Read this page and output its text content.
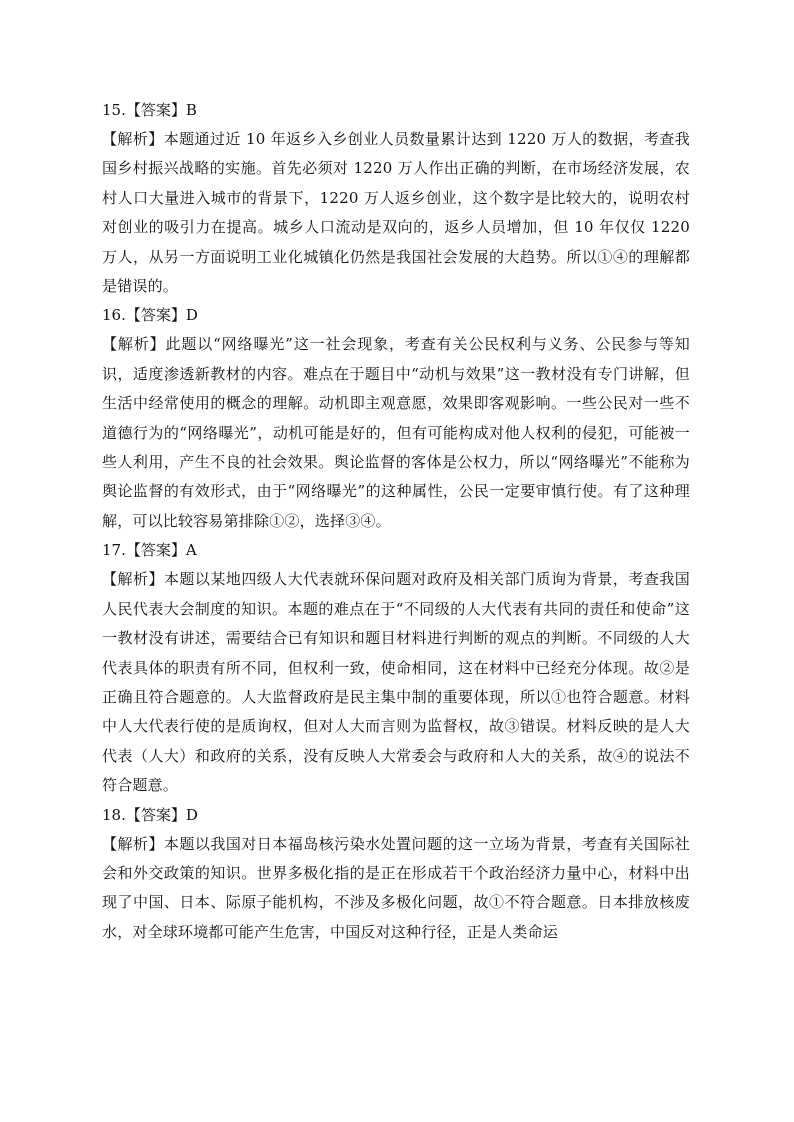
15.【答案】B
【解析】本题通过近 10 年返乡入乡创业人员数量累计达到 1220 万人的数据，考查我国乡村振兴战略的实施。首先必须对 1220 万人作出正确的判断，在市场经济发展，农村人口大量进入城市的背景下，1220 万人返乡创业，这个数字是比较大的，说明农村对创业的吸引力在提高。城乡人口流动是双向的，返乡人员增加，但 10 年仅仅 1220 万人，从另一方面说明工业化城镇化仍然是我国社会发展的大趋势。所以①④的理解都是错误的。
16.【答案】D
【解析】此题以“网络曝光”这一社会现象，考查有关公民权利与义务、公民参与等知识，适度渗透新教材的内容。难点在于题目中“动机与效果”这一教材没有专门讲解，但生活中经常使用的概念的理解。动机即主观意愿，效果即客观影响。一些公民对一些不道德行为的“网络曝光”，动机可能是好的，但有可能构成对他人权利的侵犯，可能被一些人利用，产生不良的社会效果。舆论监督的客体是公权力，所以“网络曝光”不能称为舆论监督的有效形式，由于“网络曝光”的这种属性，公民一定要审慎行使。有了这种理解，可以比较容易第排除①②，选择③④。
17.【答案】A
【解析】本题以某地四级人大代表就环保问题对政府及相关部门质询为背景，考查我国人民代表大会制度的知识。本题的难点在于“不同级的人大代表有共同的责任和使命”这一教材没有讲述，需要结合已有知识和题目材料进行判断的观点的判断。不同级的人大代表具体的职责有所不同，但权利一致，使命相同，这在材料中已经充分体现。故②是正确且符合题意的。人大监督政府是民主集中制的重要体现，所以①也符合题意。材料中人大代表行使的是质询权，但对人大而言则为监督权，故③错误。材料反映的是人大代表（人大）和政府的关系，没有反映人大常委会与政府和人大的关系，故④的说法不符合题意。
18.【答案】D
【解析】本题以我国对日本福岛核污染水处置问题的这一立场为背景，考查有关国际社会和外交政策的知识。世界多极化指的是正在形成若干个政治经济力量中心，材料中出现了中国、日本、际原子能机构，不涉及多极化问题，故①不符合题意。日本排放核废水，对全球环境都可能产生危害，中国反对这种行径，正是人类命运
